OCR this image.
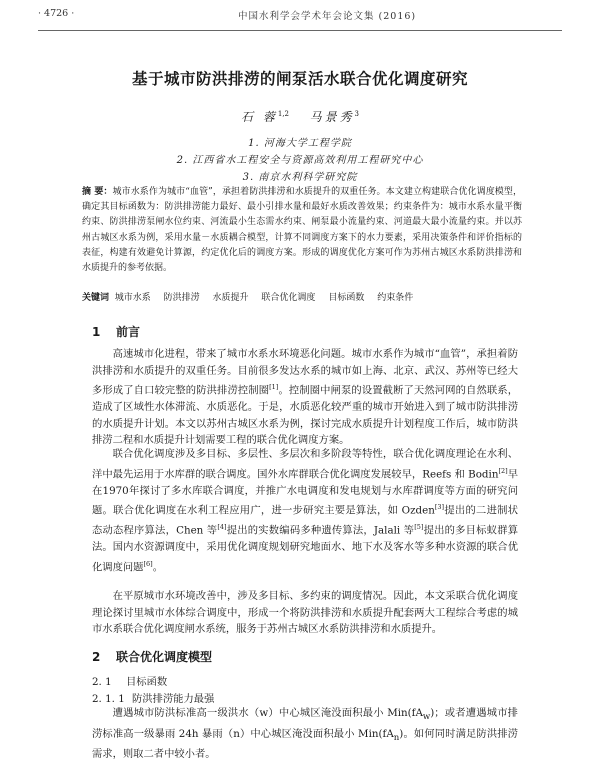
· 4726 ·	中国水利学会学术年会论文集 (2016)
基于城市防洪排涝的闸泵活水联合优化调度研究
石 蓉$^{1,2}$ 马景秀$^3$
1. 河海大学工程学院
2. 江西省水工程安全与资源高效利用工程研究中心
3. 南京水利科学研究院
摘 要：城市水系作为城市“血管”，承担着防洪排涝和水质提升的双重任务。本文建立构建联合优化调度模型，确定其目标函数为：防洪排涝能力最好、最小引排水量和最好水质改善效果；约束条件为：城市水系水量平衡约束、防洪排涝泵闸水位约束、河流最小生态需水约束、闸泵最小流量约束、河道最大最小流量约束。并以苏州古城区水系为例，采用水量－水质耦合模型，计算不同调度方案下的水力要素，采用决策条件和评价指标的表征，构建有效避免计算源，约定优化后的调度方案。形成的调度优化方案可作为苏州古城区水系防洪排涝和水质提升的参考依据。
关键词 城市水系 防洪排涝 水质提升 联合优化调度 目标函数 约束条件
1 前言
高速城市化进程，带来了城市水系水环境恶化问题。城市水系作为城市“血管”，承担着防洪排涝和水质提升的双重任务。目前很多发达水系的城市如上海、北京、武汉、苏州等已经大多形成了自口较完整的防洪排涝控制圈[1]。控制圈中闸泵的设置截断了天然河网的自然联系，造成了区域性水体滞流、水质恶化。于是，水质恶化较严重的城市开始进入到了城市防洪排涝的水质提升计划。本文以苏州古城区水系为例，探讨完成水质提升计划程度工作后，城市防洪排涝二程和水质提升计划需要工程的联合优化调度方案。
联合优化调度涉及多目标、多层性、多层次和多阶段等特性，联合优化调度理论在水利、洋中最先运用于水库群的联合调度。国外水库群联合优化调度发展较早，Reefs 和 Bodin[2]早在1970年探讨了多水库联合调度，并推广水电调度和发电规划与水库群调度等方面的研究问题。联合优化调度在水利工程应用广，进一步研究主要是算法，如 Ozden[3]提出的二进制状态动态程序算法，Chen 等[4]提出的实数编码多种遗传算法，Jalali 等[5]提出的多目标蚁群算法。国内水资源调度中，采用优化调度规划研究地面水、地下水及客水等多种水资源的联合优化调度问题[6]。
在平原城市水环境改善中，涉及多目标、多约束的调度情况。因此，本文采联合优化调度理论探讨里城市水体综合调度中，形成一个将防洪排涝和水质提升配套两大工程综合考虑的城市水系联合优化调度闸水系统，服务于苏州古城区水系防洪排涝和水质提升。
2 联合优化调度模型
2. 1 目标函数
2. 1. 1 防洪排涝能力最强
遭遇城市防洪标准高一级洪水（w）中心城区淹没面积最小 $Min(fA_w)$；或者遭遇城市排涝标准高一级暴雨 24h 暴雨（n）中心城区淹没面积最小 $Min(fA_n)$。如何同时满足防洪排涝需求，则取二者中较小者。
